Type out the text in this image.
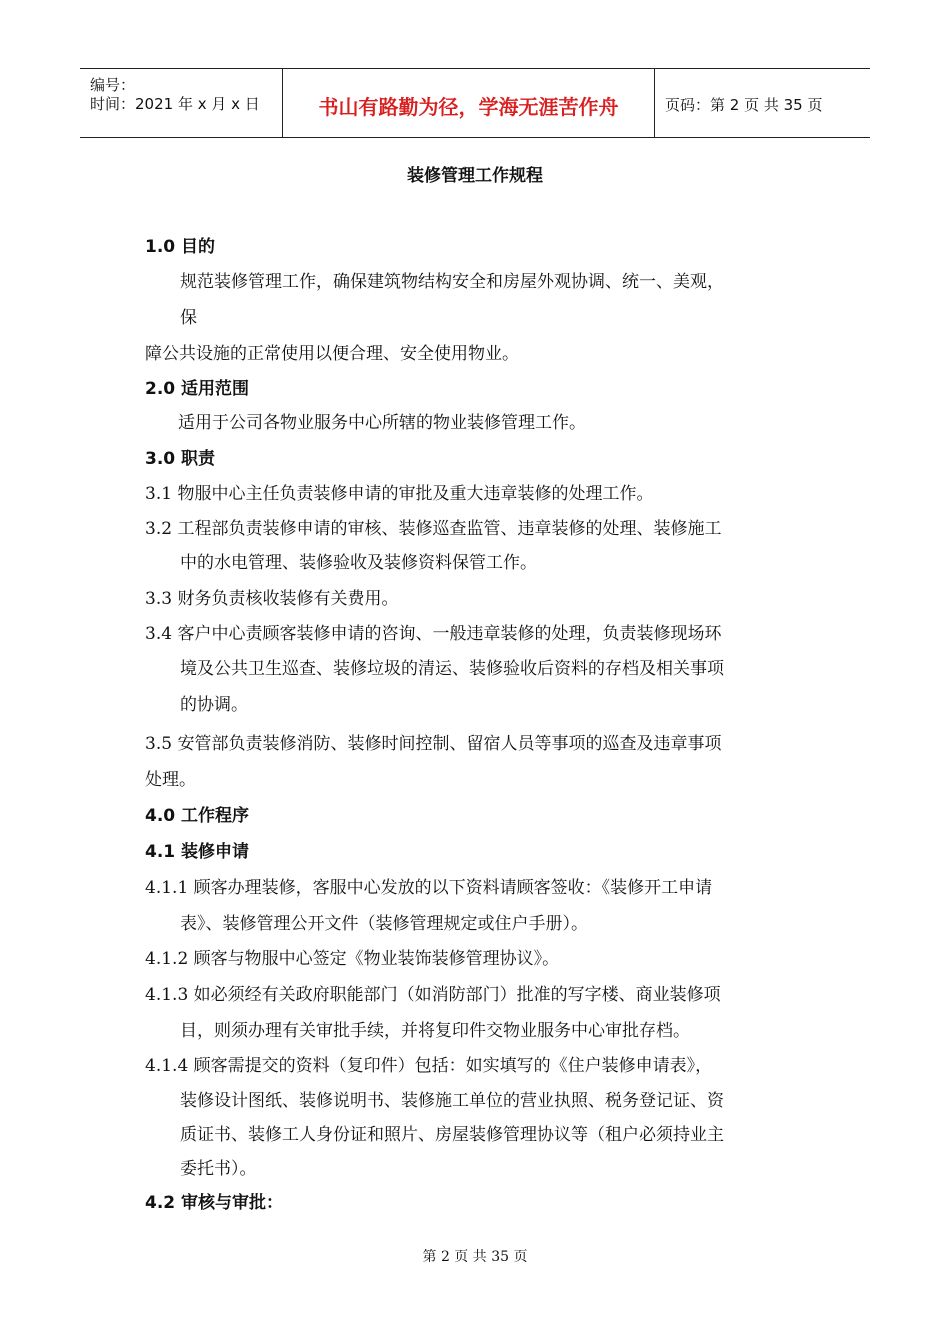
编号：
时间：2021 年 x 月 x 日	书山有路勤为径，学海无涯苦作舟	页码：第 2 页 共 35 页
装修管理工作规程
1.0 目的
规范装修管理工作，确保建筑物结构安全和房屋外观协调、统一、美观，
保
障公共设施的正常使用以便合理、安全使用物业。
2.0 适用范围
适用于公司各物业服务中心所辖的物业装修管理工作。
3.0 职责
3.1 物服中心主任负责装修申请的审批及重大违章装修的处理工作。
3.2 工程部负责装修申请的审核、装修巡查监管、违章装修的处理、装修施工
中的水电管理、装修验收及装修资料保管工作。
3.3 财务负责核收装修有关费用。
3.4 客户中心责顾客装修申请的咨询、一般违章装修的处理，负责装修现场环
境及公共卫生巡查、装修垃圾的清运、装修验收后资料的存档及相关事项
的协调。
3.5 安管部负责装修消防、装修时间控制、留宿人员等事项的巡查及违章事项
处理。
4.0 工作程序
4.1 装修申请
4.1.1 顾客办理装修，客服中心发放的以下资料请顾客签收：《装修开工申请
表》、装修管理公开文件（装修管理规定或住户手册）。
4.1.2 顾客与物服中心签定《物业装饰装修管理协议》。
4.1.3 如必须经有关政府职能部门（如消防部门）批准的写字楼、商业装修项
目，则须办理有关审批手续，并将复印件交物业服务中心审批存档。
4.1.4 顾客需提交的资料（复印件）包括：如实填写的《住户装修申请表》，
装修设计图纸、装修说明书、装修施工单位的营业执照、税务登记证、资
质证书、装修工人身份证和照片、房屋装修管理协议等（租户必须持业主
委托书）。
4.2 审核与审批：
第 2 页 共 35 页
